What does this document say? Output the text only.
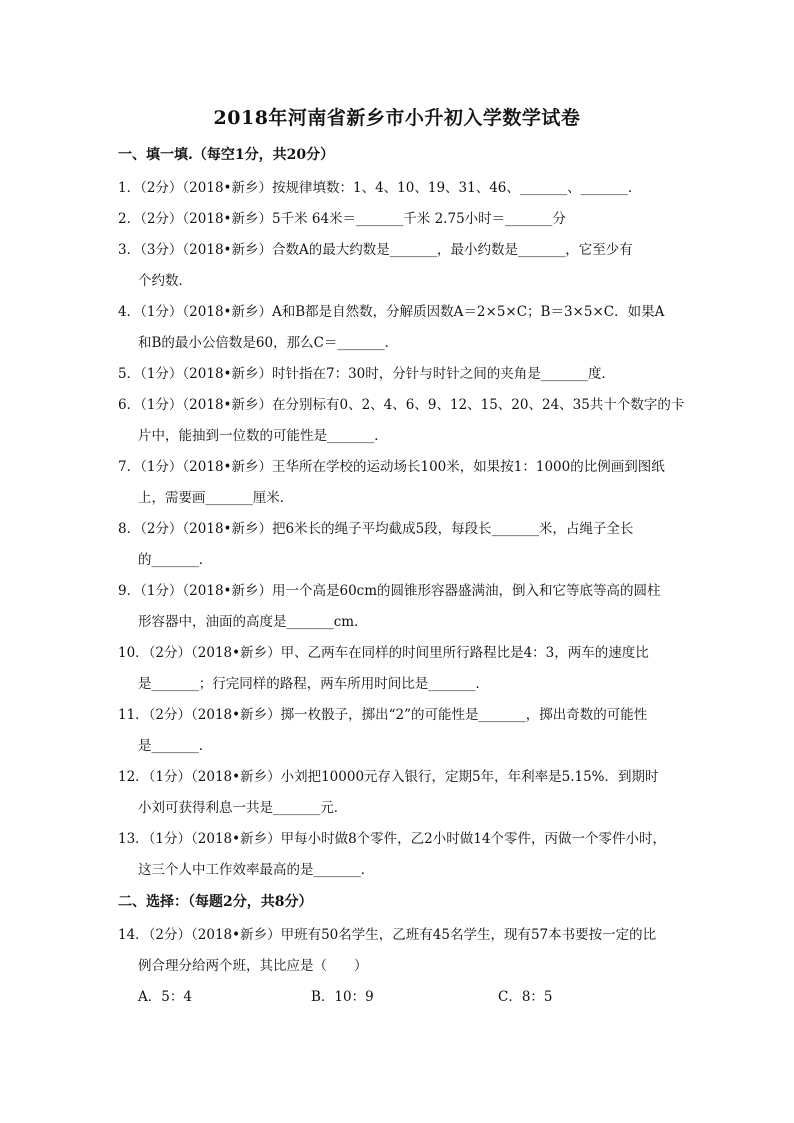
2018年河南省新乡市小升初入学数学试卷
一、填一填.（每空1分，共20分）
1．（2分）（2018•新乡）按规律填数：1、4、10、19、31、46、_______、_______．
2．（2分）（2018•新乡）5千米 64米＝_______千米 2.75小时＝_______分
3．（3分）（2018•新乡）合数A的最大约数是_______，最小约数是_______，它至少有
个约数．
4．（1分）（2018•新乡）A和B都是自然数，分解质因数A＝2×5×C；B＝3×5×C．如果A
和B的最小公倍数是60，那么C＝_______．
5．（1分）（2018•新乡）时针指在7：30时，分针与时针之间的夹角是_______度．
6．（1分）（2018•新乡）在分别标有0、2、4、6、9、12、15、20、24、35共十个数字的卡
片中，能抽到一位数的可能性是_______．
7．（1分）（2018•新乡）王华所在学校的运动场长100米，如果按1：1000的比例画到图纸
上，需要画_______厘米．
8．（2分）（2018•新乡）把6米长的绳子平均截成5段，每段长_______米，占绳子全长
的_______．
9．（1分）（2018•新乡）用一个高是60cm的圆锥形容器盛满油，倒入和它等底等高的圆柱
形容器中，油面的高度是_______cm．
10．（2分）（2018•新乡）甲、乙两车在同样的时间里所行路程比是4：3，两车的速度比
是_______；行完同样的路程，两车所用时间比是_______．
11．（2分）（2018•新乡）掷一枚骰子，掷出“2”的可能性是_______，掷出奇数的可能性
是_______．
12．（1分）（2018•新乡）小刘把10000元存入银行，定期5年，年利率是5.15%．到期时
小刘可获得利息一共是_______元．
13．（1分）（2018•新乡）甲每小时做8个零件，乙2小时做14个零件，丙做一个零件小时，
这三个人中工作效率最高的是_______．
二、选择：（每题2分，共8分）
14．（2分）（2018•新乡）甲班有50名学生，乙班有45名学生，现有57本书要按一定的比
例合理分给两个班，其比应是（　　）
A．5：4	B．10：9	C．8：5
